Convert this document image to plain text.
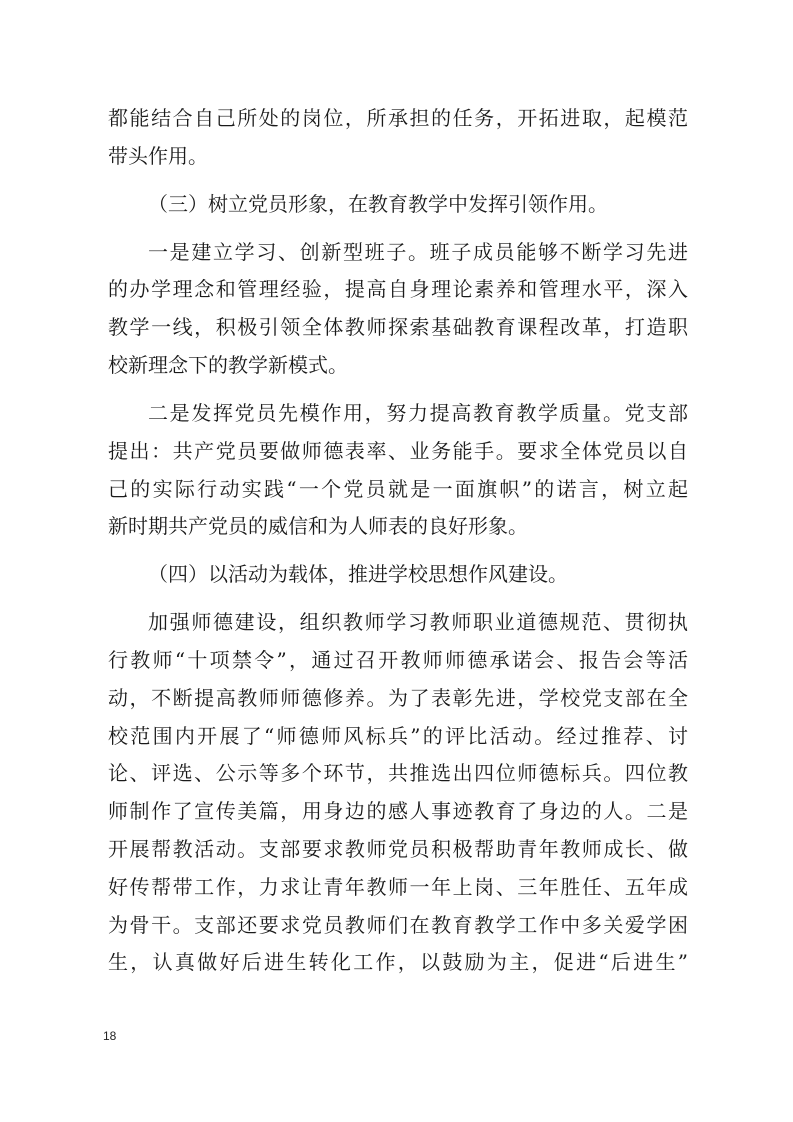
都能结合自己所处的岗位，所承担的任务，开拓进取，起模范
带头作用。
（三）树立党员形象，在教育教学中发挥引领作用。
一是建立学习、创新型班子。班子成员能够不断学习先进
的办学理念和管理经验，提高自身理论素养和管理水平，深入
教学一线，积极引领全体教师探索基础教育课程改革，打造职
校新理念下的教学新模式。
二是发挥党员先模作用，努力提高教育教学质量。党支部
提出：共产党员要做师德表率、业务能手。要求全体党员以自
己的实际行动实践“一个党员就是一面旗帜”的诺言，树立起
新时期共产党员的威信和为人师表的良好形象。
（四）以活动为载体，推进学校思想作风建设。
加强师德建设，组织教师学习教师职业道德规范、贯彻执
行教师“十项禁令”，通过召开教师师德承诺会、报告会等活
动，不断提高教师师德修养。为了表彰先进，学校党支部在全
校范围内开展了“师德师风标兵”的评比活动。经过推荐、讨
论、评选、公示等多个环节，共推选出四位师德标兵。四位教
师制作了宣传美篇，用身边的感人事迹教育了身边的人。二是
开展帮教活动。支部要求教师党员积极帮助青年教师成长、做
好传帮带工作，力求让青年教师一年上岗、三年胜任、五年成
为骨干。支部还要求党员教师们在教育教学工作中多关爱学困
生，认真做好后进生转化工作，以鼓励为主，促进“后进生”
18
